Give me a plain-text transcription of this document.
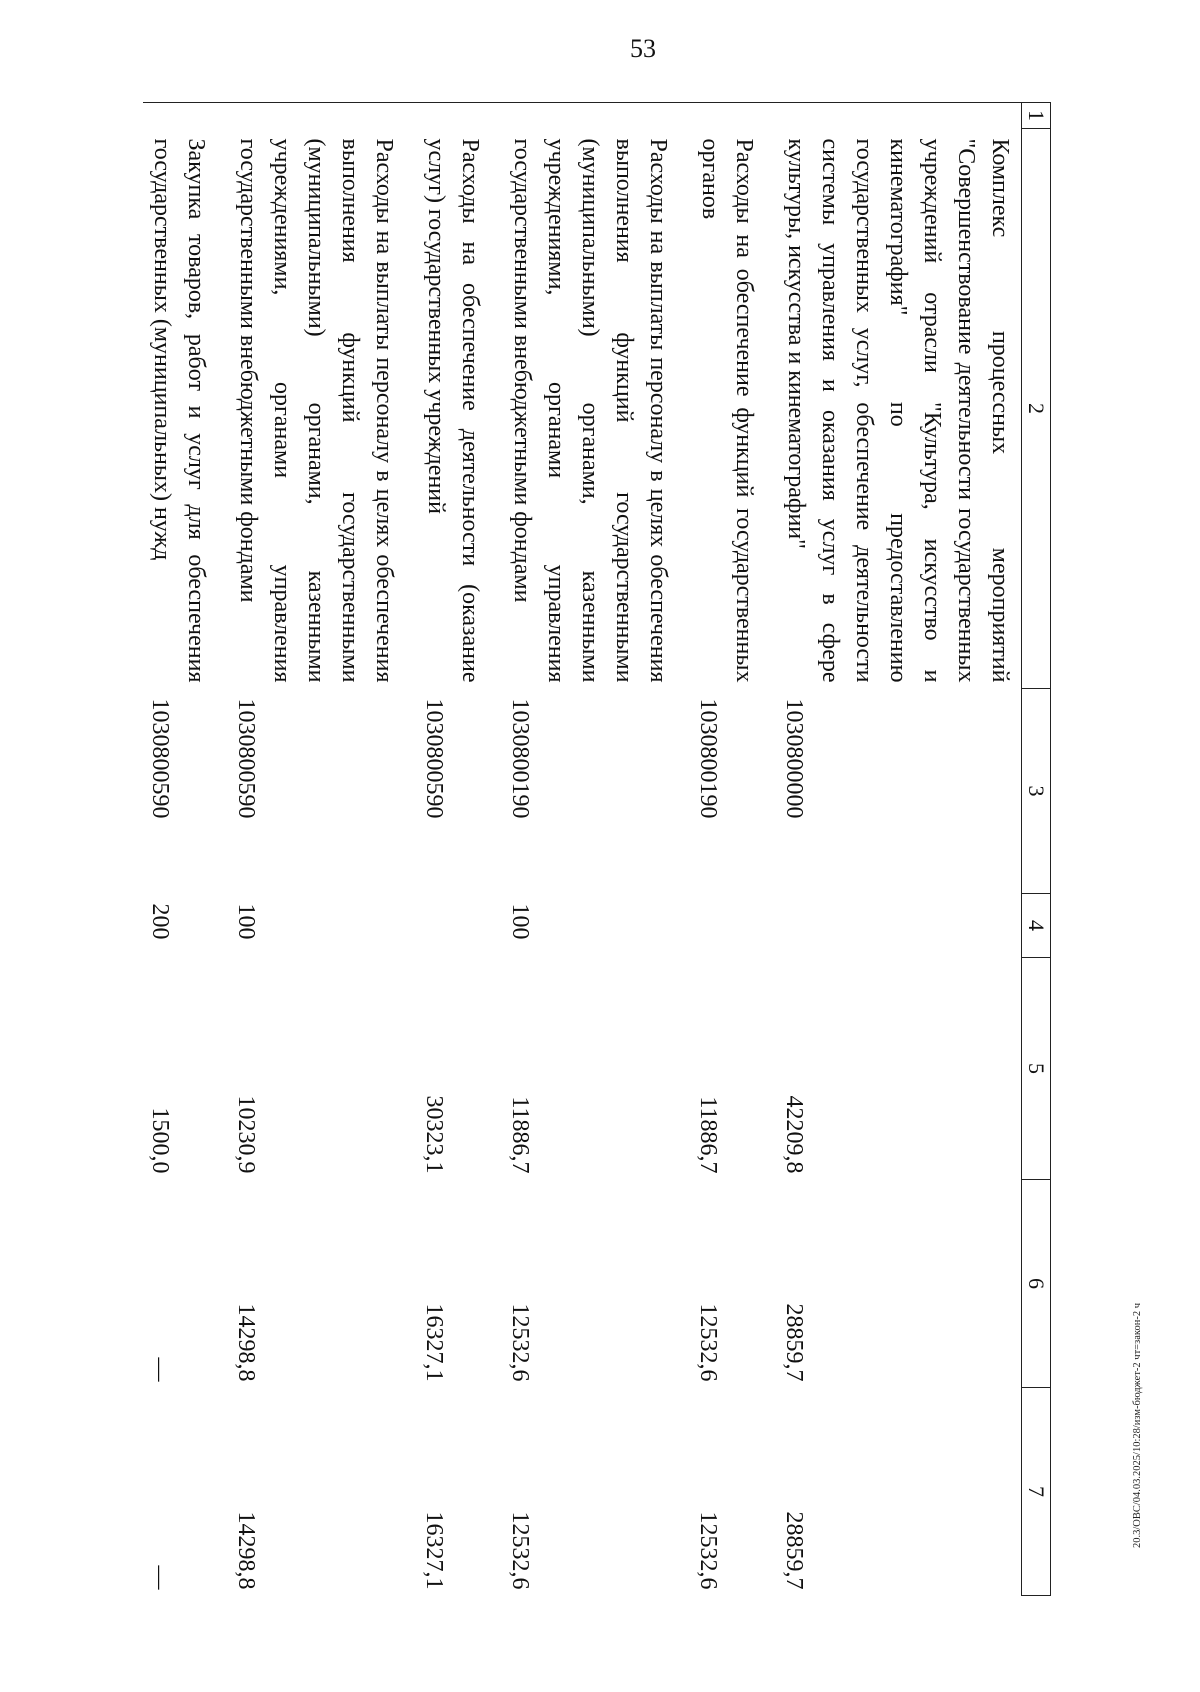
53
20.3/ОВС/04.03.2025/10:28/изм-бюджет-2 чт=закон-2 ч
1	2	3	4	5	6	7
	Комплекс процессных мероприятий "Совершенствование деятельности государственных учреждений отрасли "Культура, искусство и кинематография" по предоставлению государственных услуг, обеспечение деятельности системы управления и оказания услуг в сфере культуры, искусства и кинематографии"	1030800000		42209,8	28859,7	28859,7

	Расходы на обеспечение функций государственных органов	1030800190		11886,7	12532,6	12532,6

	Расходы на выплаты персоналу в целях обеспечения выполнения функций государственными (муниципальными) органами, казенными учреждениями, органами управления государственными внебюджетными фондами	1030800190	100	11886,7	12532,6	12532,6

	Расходы на обеспечение деятельности (оказание услуг) государственных учреждений	1030800590		30323,1	16327,1	16327,1

	Расходы на выплаты персоналу в целях обеспечения выполнения функций государственными (муниципальными) органами, казенными учреждениями, органами управления государственными внебюджетными фондами	1030800590	100	10230,9	14298,8	14298,8

	Закупка товаров, работ и услуг для обеспечения государственных (муниципальных) нужд	1030800590	200	1500,0	—	—
